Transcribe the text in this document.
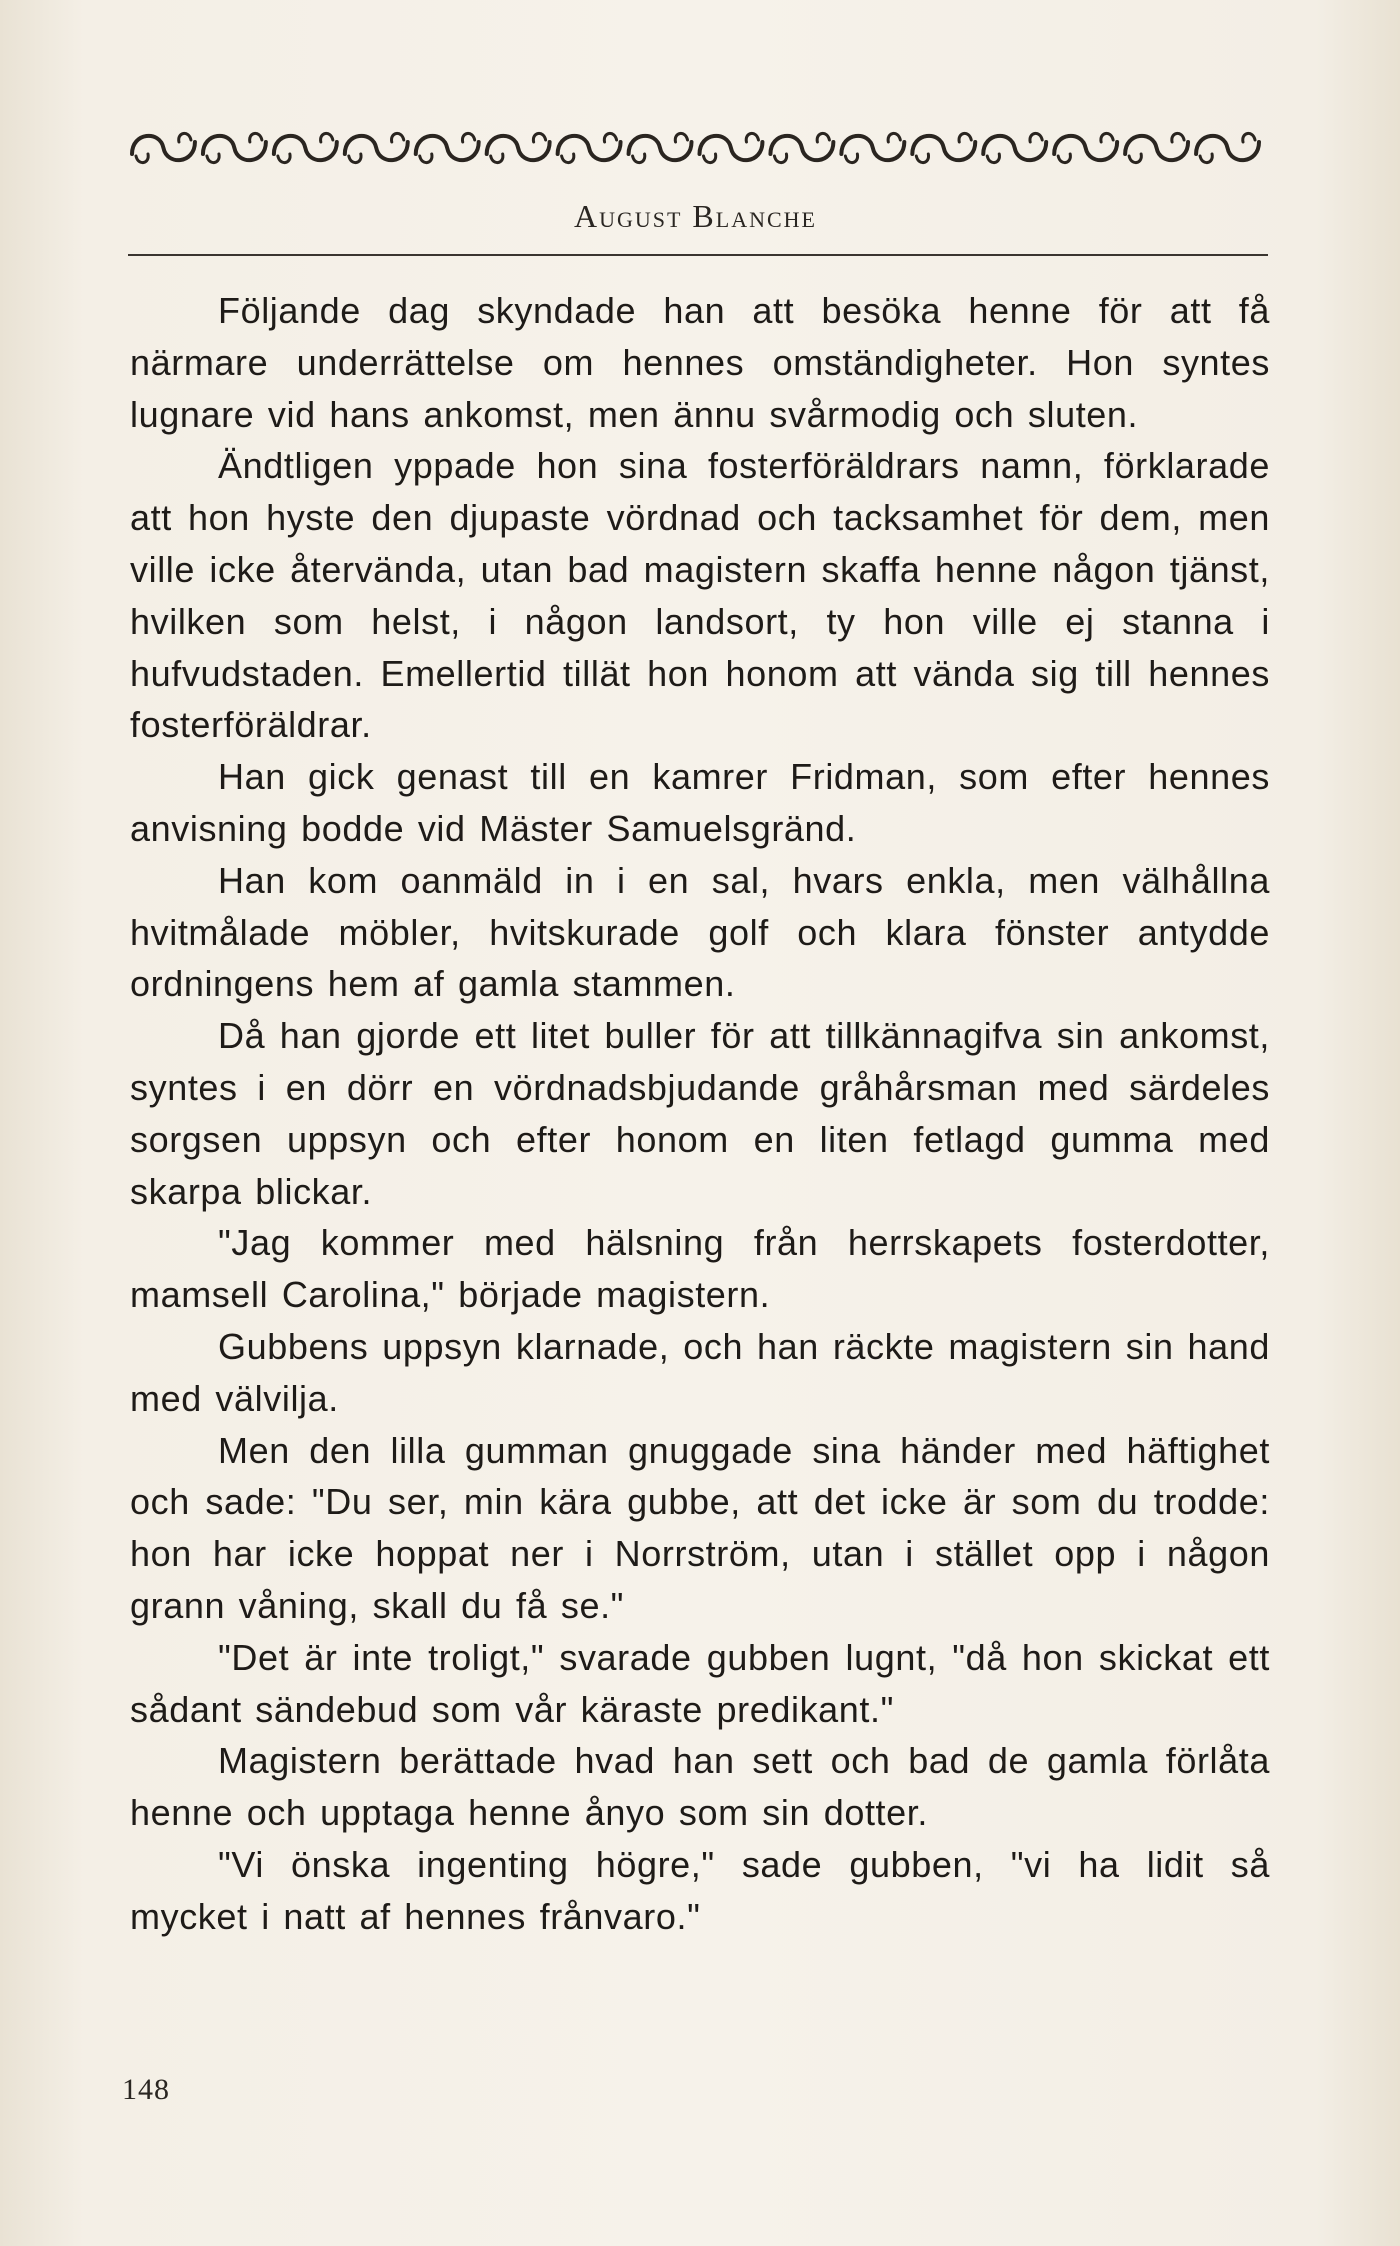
August Blanche

Följande dag skyndade han att besöka henne för att få närmare underrättelse om hennes omständigheter. Hon syntes lugnare vid hans ankomst, men ännu svårmodig och sluten.

Ändtligen yppade hon sina fosterföräldrars namn, förklarade att hon hyste den djupaste vördnad och tacksamhet för dem, men ville icke återvända, utan bad magistern skaffa henne någon tjänst, hvilken som helst, i någon landsort, ty hon ville ej stanna i hufvudstaden. Emellertid tillät hon honom att vända sig till hennes fosterföräldrar.

Han gick genast till en kamrer Fridman, som efter hennes anvisning bodde vid Mäster Samuelsgränd.

Han kom oanmäld in i en sal, hvars enkla, men välhållna hvitmålade möbler, hvitskurade golf och klara fönster antydde ordningens hem af gamla stammen.

Då han gjorde ett litet buller för att tillkännagifva sin ankomst, syntes i en dörr en vördnadsbjudande gråhårsman med särdeles sorgsen uppsyn och efter honom en liten fetlagd gumma med skarpa blickar.

"Jag kommer med hälsning från herrskapets fosterdotter, mamsell Carolina," började magistern.

Gubbens uppsyn klarnade, och han räckte magistern sin hand med välvilja.

Men den lilla gumman gnuggade sina händer med häftighet och sade: "Du ser, min kära gubbe, att det icke är som du trodde: hon har icke hoppat ner i Norrström, utan i stället opp i någon grann våning, skall du få se."

"Det är inte troligt," svarade gubben lugnt, "då hon skickat ett sådant sändebud som vår käraste predikant."

Magistern berättade hvad han sett och bad de gamla förlåta henne och upptaga henne ånyo som sin dotter.

"Vi önska ingenting högre," sade gubben, "vi ha lidit så mycket i natt af hennes frånvaro."

148
